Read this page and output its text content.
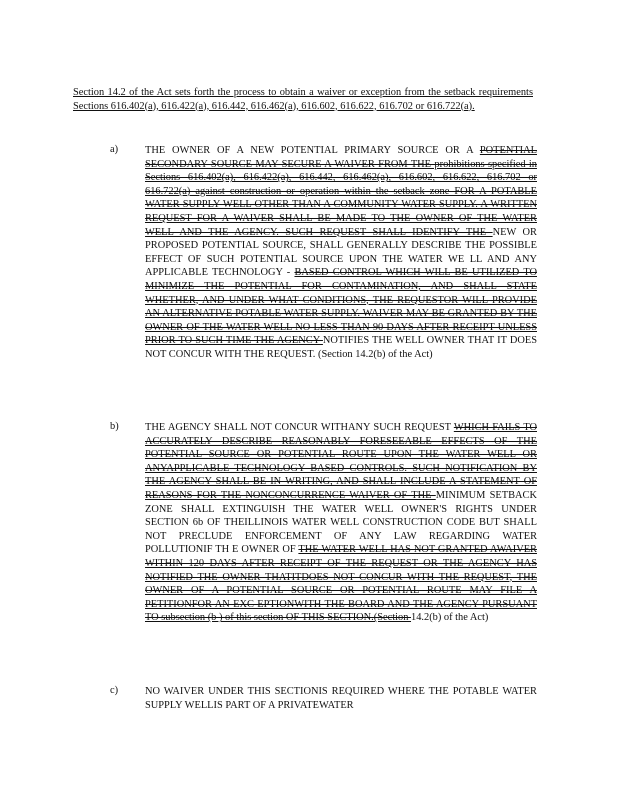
Section 14.2 of the Act sets forth the process to obtain a waiver or exception from the setback requirements Sections 616.402(a), 616.422(a), 616.442, 616.462(a), 616.602, 616.622, 616.702 or 616.722(a).
a)	THE OWNER OF A NEW POTENTIAL PRIMARY SOURCE OR A POTENTIAL SECONDARY SOURCE MAY SECURE A WAIVER FROM THE prohibitions specified in Sections 616.402(a), 616.422(a), 616.442, 616.462(a), 616.602, 616.622, 616.702 or 616.722(a) against construction or operation within the setback zone FOR A POTABLE WATER SUPPLY WELL OTHER THAN A COMMUNITY WATER SUPPLY. A WRITTEN REQUEST FOR A WAIVER SHALL BE MADE TO THE OWNER OF THE WATER WELL AND THE AGENCY. SUCH REQUEST SHALL IDENTIFY THE NEW OR PROPOSED POTENTIAL SOURCE, SHALL GENERALLY DESCRIBE THE POSSIBLE EFFECT OF SUCH POTENTIAL SOURCE UPON THE WATER WE LL AND ANY APPLICABLE TECHNOLOGY - BASED CONTROL WHICH WILL BE UTILIZED TO MINIMIZE THE POTENTIAL FOR CONTAMINATION, AND SHALL STATE WHETHER, AND UNDER WHAT CONDITIONS, THE REQUESTOR WILL PROVIDE AN ALTERNATIVE POTABLE WATER SUPPLY. WAIVER MAY BE GRANTED BY THE OWNER OF THE WATER WELL NO LESS THAN 90 DAYS AFTER RECEIPT UNLESS PRIOR TO SUCH TIME THE AGENCY NOTIFIES THE WELL OWNER THAT IT DOES NOT CONCUR WITH THE REQUEST. (Section 14.2(b) of the Act)
b)	THE AGENCY SHALL NOT CONCUR WITHANY SUCH REQUEST WHICH FAILS TO ACCURATELY DESCRIBE REASONABLY FORESEEABLE EFFECTS OF THE POTENTIAL SOURCE OR POTENTIAL ROUTE UPON THE WATER WELL OR ANYAPPLICABLE TECHNOLOGY BASED CONTROLS. SUCH NOTIFICATION BY THE AGENCY SHALL BE IN WRITING, AND SHALL INCLUDE A STATEMENT OF REASONS FOR THE NONCONCURRENCE WAIVER OF THE MINIMUM SETBACK ZONE SHALL EXTINGUISH THE WATER WELL OWNER'S RIGHTS UNDER SECTION 6b OF THEILLINOIS WATER WELL CONSTRUCTION CODE BUT SHALL NOT PRECLUDE ENFORCEMENT OF ANY LAW REGARDING WATER POLLUTIONIF TH E OWNER OF THE WATER WELL HAS NOT GRANTED AWAIVER WITHIN 120 DAYS AFTER RECEIPT OF THE REQUEST OR THE AGENCY HAS NOTIFIED THE OWNER THATITDOES NOT CONCUR WITH THE REQUEST, THE OWNER OF A POTENTIAL SOURCE OR POTENTIAL ROUTE MAY FILE A PETITIONFOR AN EXC EPTIONWITH THE BOARD AND THE AGENCY PURSUANT TO subsection (b ) of this section OF THIS SECTION.(Section 14.2(b) of the Act)
c)	NO WAIVER UNDER THIS SECTIONIS REQUIRED WHERE THE POTABLE WATER SUPPLY WELLIS PART OF A PRIVATEWATER
